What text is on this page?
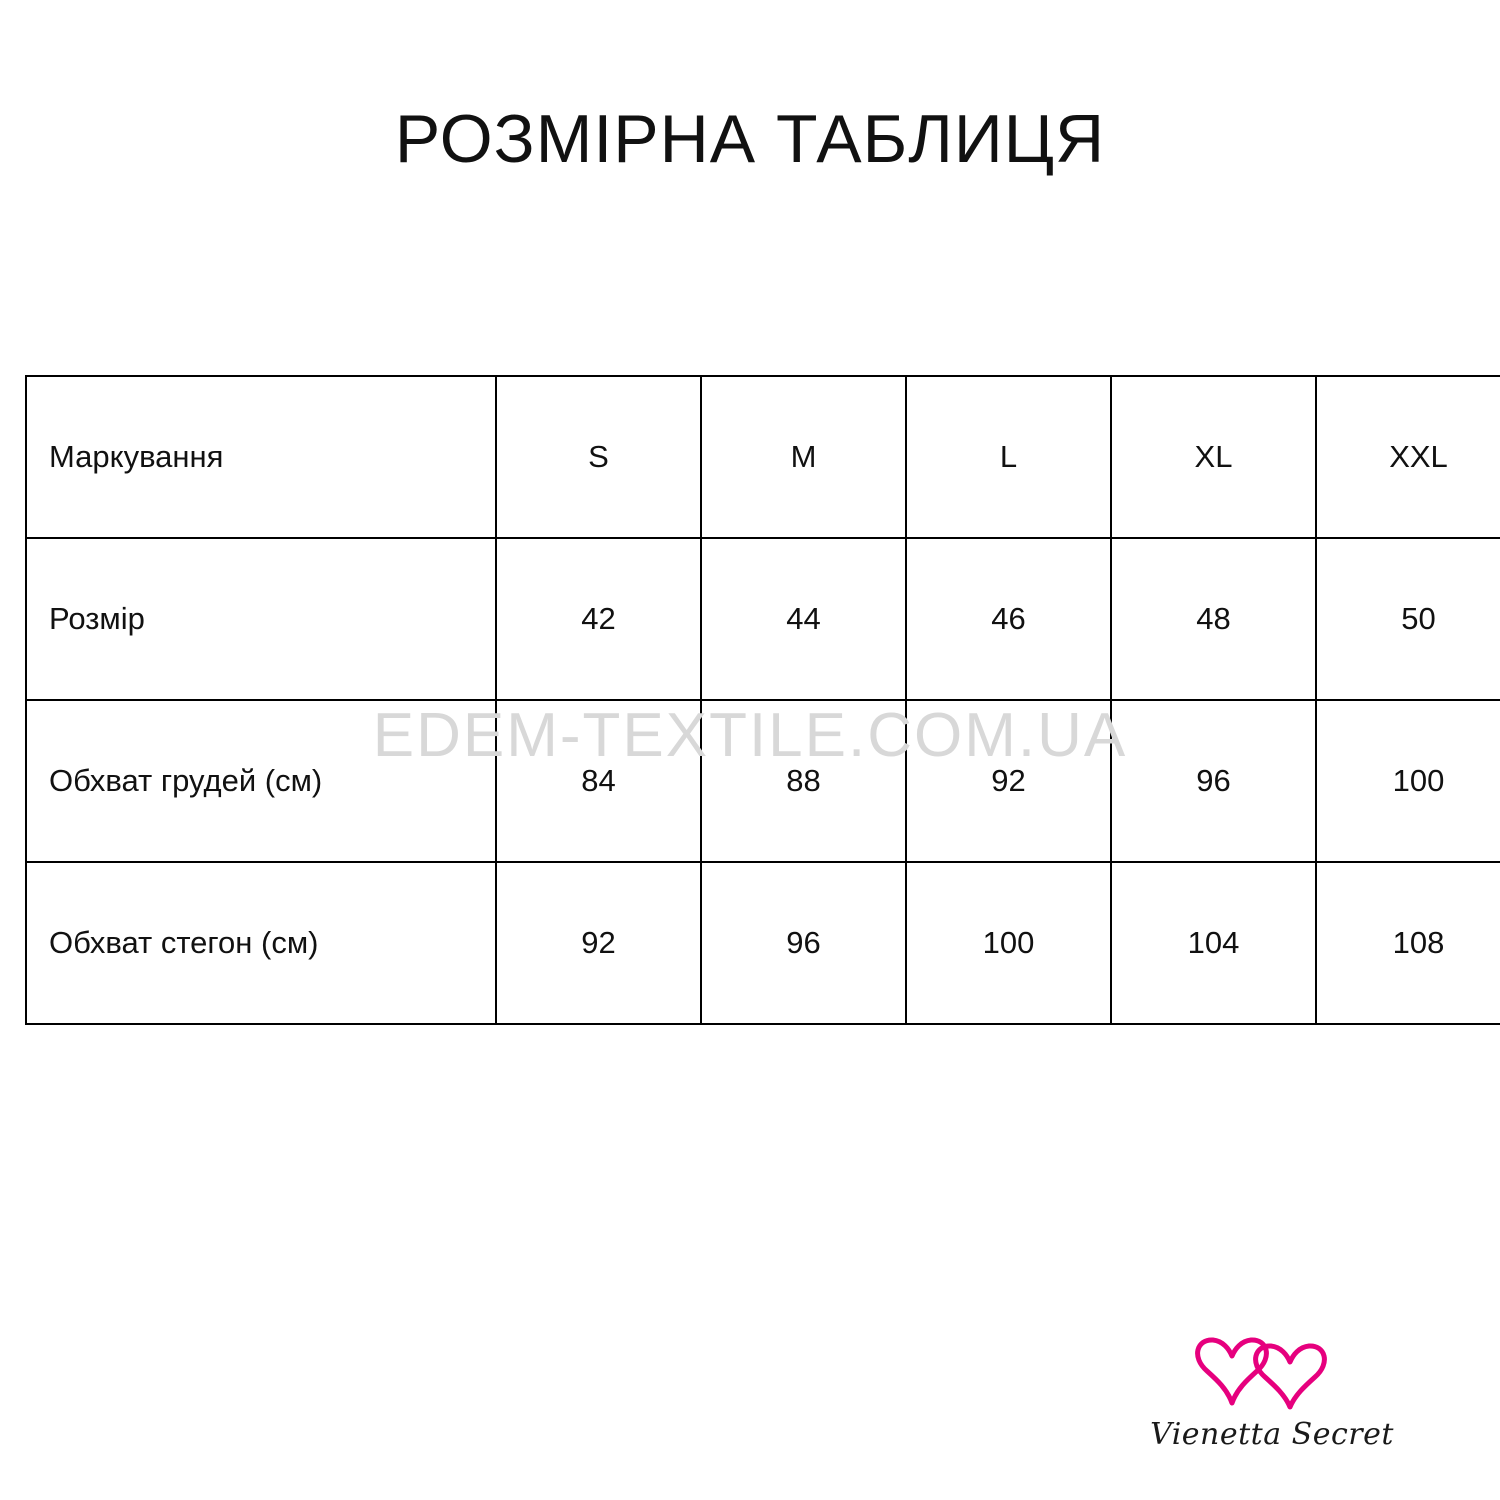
РОЗМІРНА ТАБЛИЦЯ
Маркування	S	M	L	XL	XXL
Розмір	42	44	46	48	50
Обхват грудей (см)	84	88	92	96	100
Обхват стегон (см)	92	96	100	104	108
EDEM-TEXTILE.COM.UA
Vienetta Secret
